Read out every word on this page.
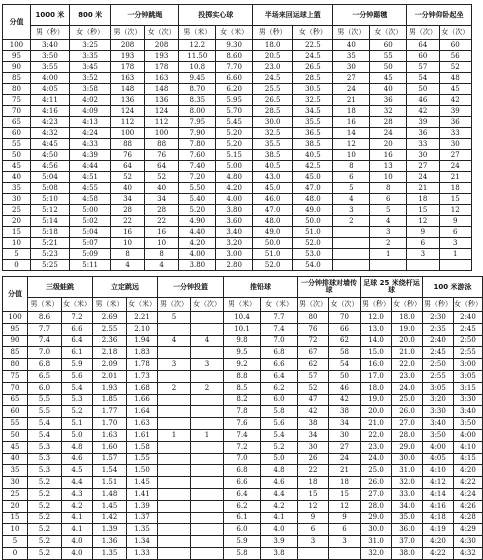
分值	1000 米	800 米	一分钟跳绳		投掷实心球		半场来回运球上篮		一分钟踢毽		一分钟仰卧起坐	
	男（秒）	女（秒）	男（次）	女（次）	男（米）	女（米）	男（秒）	女（秒）	男（次）	女（次）	男（次）	女（次）
100	3:40	3:25	208	208	12.2	9.30	18.0	22.5	40	60	64	60
95	3:50	3:35	193	193	11.50	8.60	20.5	24.5	35	55	60	56
90	3:55	3:45	178	178	10.8	7.70	23.0	26.5	30	50	57	52
85	4:00	3:52	163	163	9.45	6.60	24.5	28.5	27	45	54	48
80	4:05	3:58	148	148	8.70	6.20	25.5	30.5	24	40	50	45
75	4:11	4:02	136	136	8.35	5.95	26.5	32.5	21	36	46	42
70	4:16	4:09	124	124	8.00	5.70	28.5	34.5	18	32	42	39
65	4:23	4:13	112	112	7.95	5.45	30.0	35.5	16	28	39	36
60	4:32	4:24	100	100	7.90	5.20	32.5	36.5	14	24	36	33
55	4:45	4:33	88	88	7.80	5.20	35.5	38.5	12	20	33	30
50	4:50	4:39	76	76	7.60	5.15	38.5	40.5	10	16	30	27
45	4:56	4:44	64	64	7.40	5.00	40.5	42.5	8	13	27	24
40	5:04	4:51	52	52	7.20	4.80	43.0	45.0	6	10	24	21
35	5:08	4:55	40	40	5.50	4.20	45.0	47.0	5	8	21	18
30	5:10	4:58	34	34	5.40	4.00	46.0	48.0	4	6	18	15
25	5:12	5:00	28	28	5.20	3.80	47.0	49.0	3	5	15	12
20	5:14	5:02	22	22	4.90	3.60	48.0	50.0	2	4	12	9
15	5:18	5:04	16	16	4.40	3.40	49.0	51.0		3	9	6
10	5:21	5:07	10	10	4.20	3.20	50.0	52.0		2	6	3
5	5:23	5:09	8	8	4.00	3.00	51.0	53.0		1	3	1
0	5:25	5:11	4	4	3.80	2.80	52.0	54.0				
分值	三级蛙跳		立定跳远		一分钟投篮		推铅球		一分钟排球对墙传球		足球 25 米绕杆运球		100 米游泳	
	男（米）	女（米）	男（米）	女（米）	男（次）	女（次）	男（米）	女（米）	男（次）	女（次）	男（秒）	女（秒）	男（秒）	女（秒）
100	8.6	7.2	2.69	2.21	5		10.4	7.7	80	70	12.0	18.0	2:30	2:40
95	7.7	6.6	2.55	2.10			10.1	7.4	76	66	13.0	19.0	2:35	2:45
90	7.4	6.4	2.36	1.94	4	4	9.8	7.0	72	62	14.0	20.0	2:40	2:50
85	7.0	6.1	2.18	1.83			9.5	6.8	67	58	15.0	21.0	2:45	2:55
80	6.8	5.9	2.09	1.78	3	3	9.2	6.6	62	54	16.0	22.0	2:50	3:00
75	6.5	5.6	2.01	1.73			8.8	6.4	57	50	17.0	23.0	2:55	3:05
70	6.0	5.4	1.93	1.68	2	2	8.5	6.2	52	46	18.0	24.0	3:05	3:15
65	5.5	5.3	1.85	1.66			8.2	6.0	47	42	19.0	25.0	3:20	3:30
60	5.5	5.2	1.77	1.64			7.8	5.8	42	38	20.0	26.0	3:30	3:40
55	5.4	5.1	1.70	1.63			7.6	5.6	38	34	21.0	27.0	3:40	3:50
50	5.4	5.0	1.63	1.61	1	1	7.4	5.4	34	30	22.0	28.0	3:50	4:00
45	5.3	4.8	1.60	1.58			7.2	5.2	30	27	23.0	29.0	4:00	4:10
40	5.3	4.6	1.57	1.55			7.0	5.0	26	24	24.0	30.0	4:05	4:15
35	5.3	4.5	1.54	1.50			6.8	4.8	22	21	25.0	31.0	4:10	4:20
30	5.2	4.4	1.51	1.45			6.6	4.6	18	18	26.0	32.0	4:12	4:22
25	5.2	4.3	1.48	1.41			6.4	4.4	15	15	27.0	33.0	4:14	4:24
20	5.2	4.2	1.45	1.39			6.2	4.2	12	12	28.0	34.0	4:16	4:26
15	5.2	4.1	1.42	1.37			6.1	4.1	9	9	29.0	35.0	4:18	4:28
10	5.2	4.1	1.39	1.35			6.0	4.0	6	6	30.0	36.0	4:19	4:29
5	5.2	4.0	1.36	1.34			5.9	3.9	3	3	31.0	37.0	4:20	4:30
0	5.2	4.0	1.35	1.33			5.8	3.8			32.0	38.0	4:22	4:32
